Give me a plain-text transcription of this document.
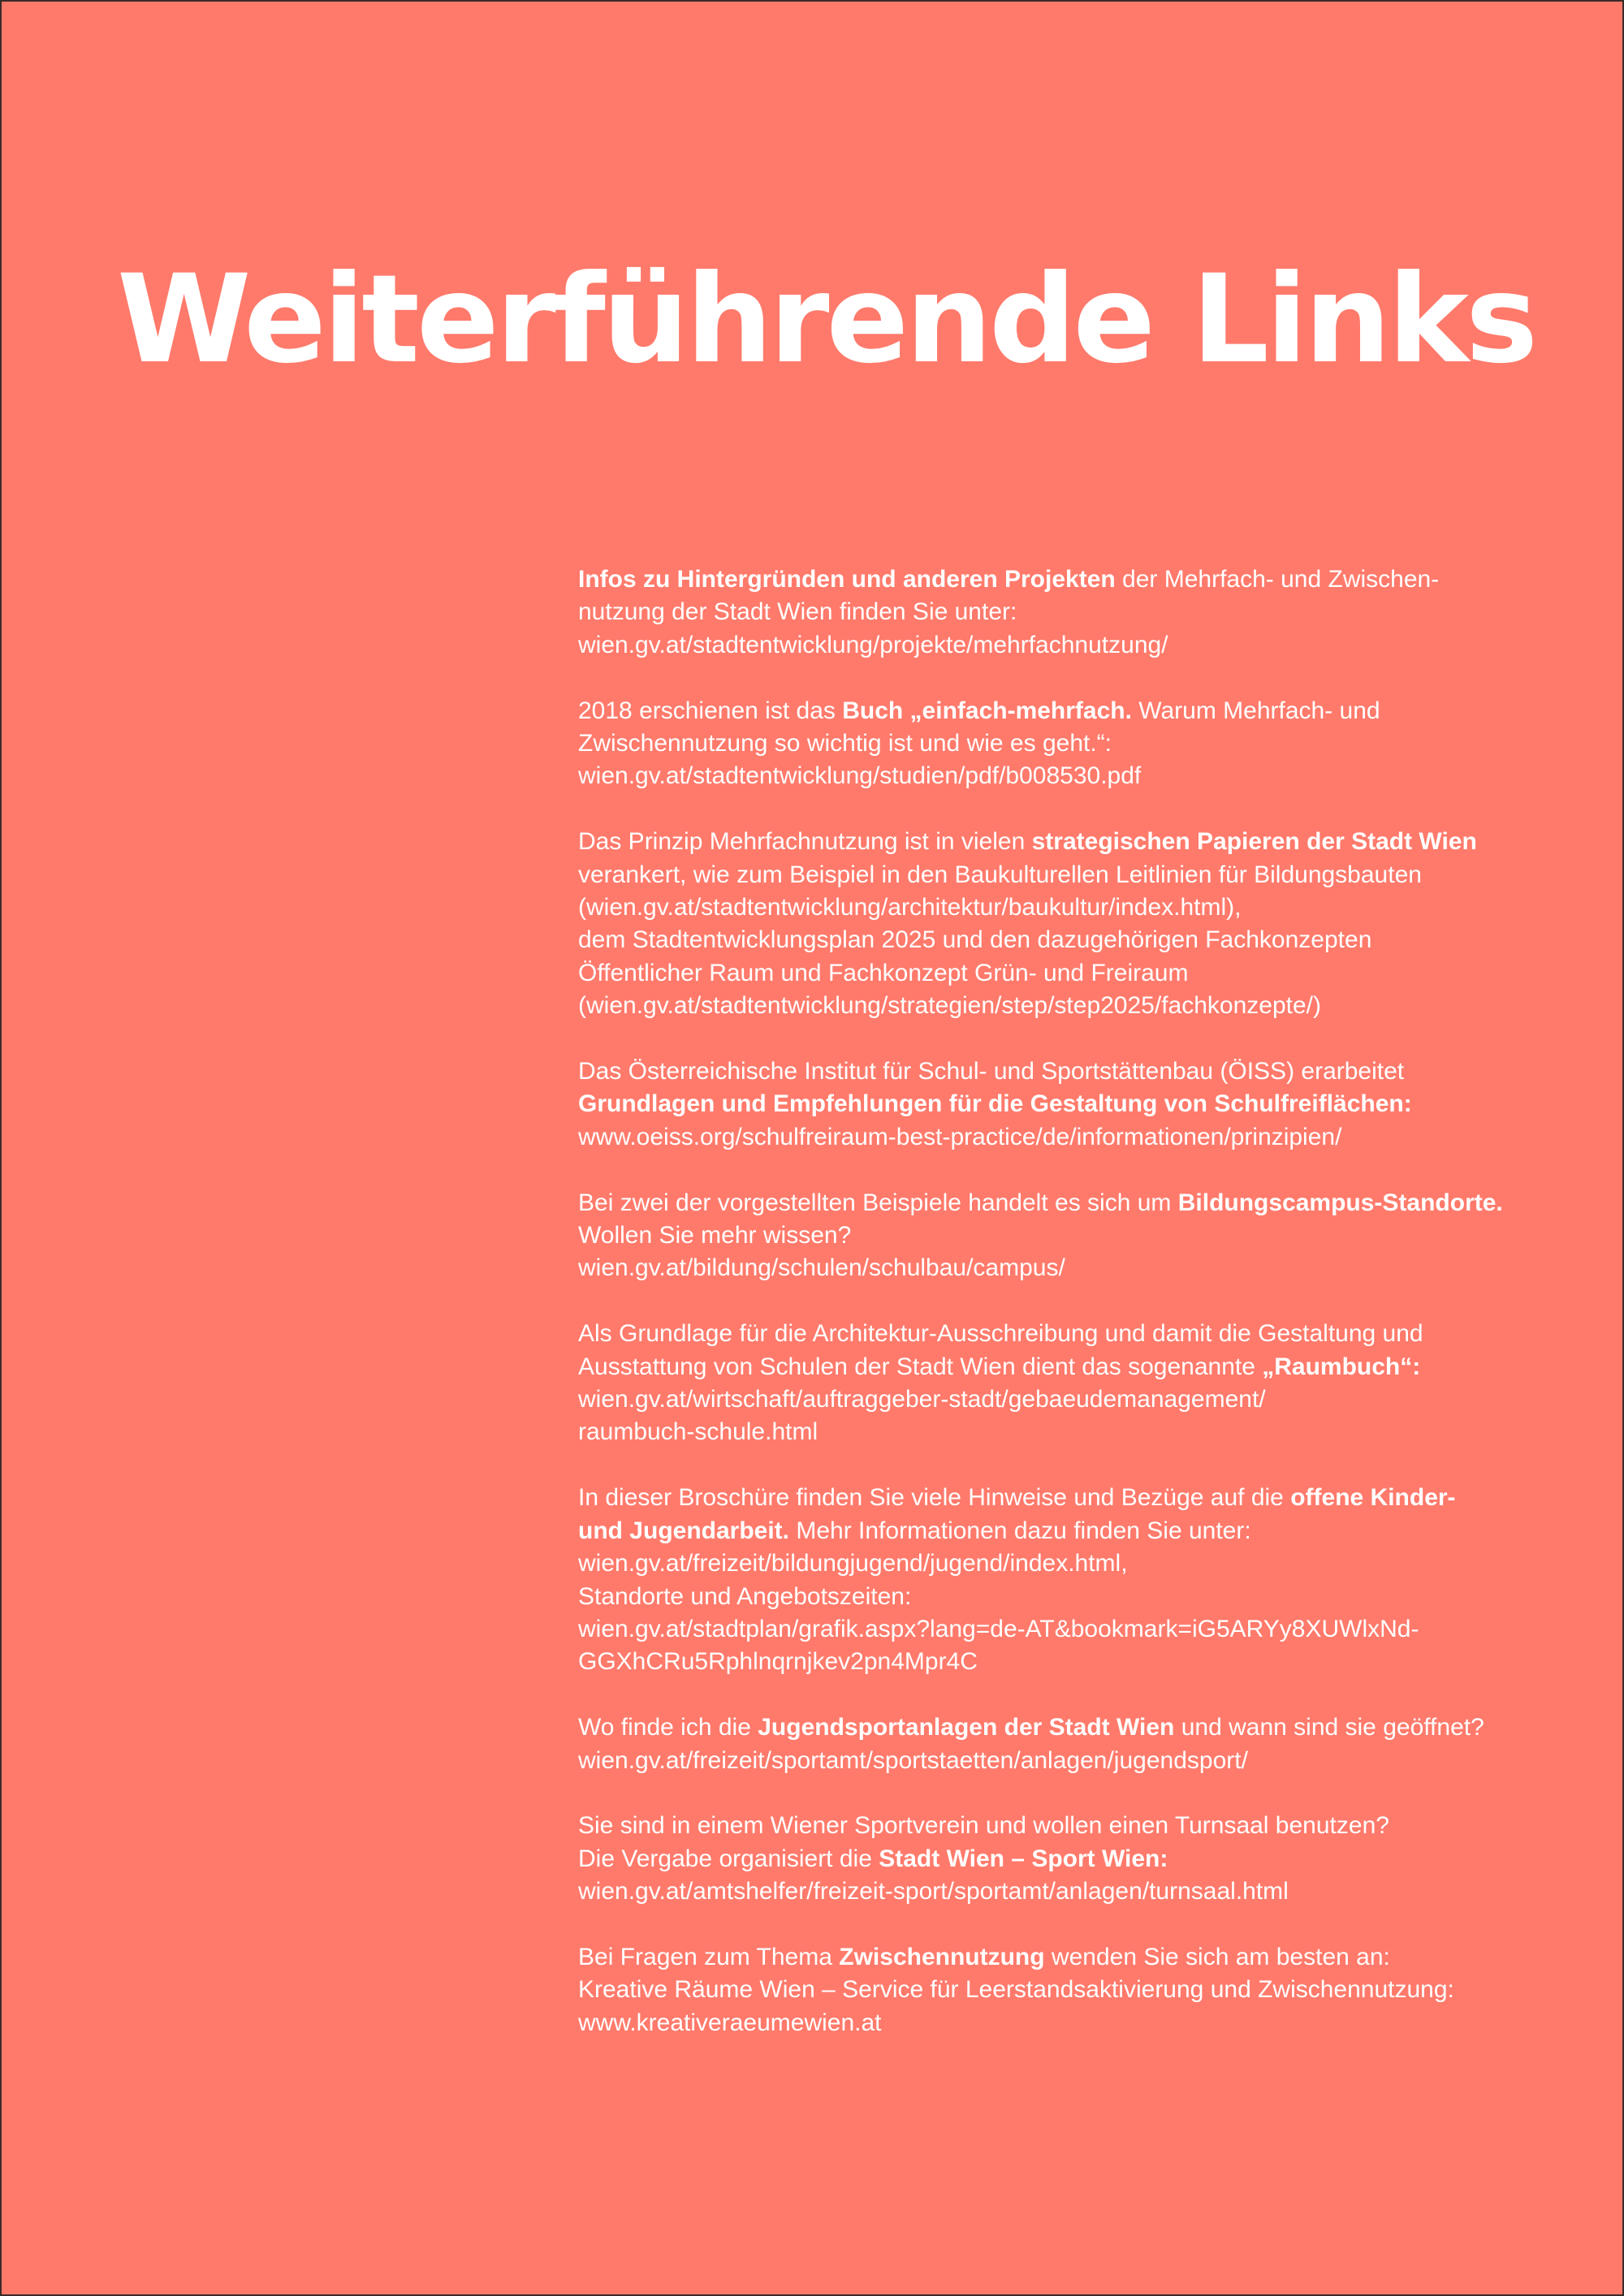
Weiterführende Links
Infos zu Hintergründen und anderen Projekten der Mehrfach- und Zwischen-
nutzung der Stadt Wien finden Sie unter:
wien.gv.at/stadtentwicklung/projekte/mehrfachnutzung/
2018 erschienen ist das Buch „einfach-mehrfach. Warum Mehrfach- und
Zwischennutzung so wichtig ist und wie es geht.“:
wien.gv.at/stadtentwicklung/studien/pdf/b008530.pdf
Das Prinzip Mehrfachnutzung ist in vielen strategischen Papieren der Stadt Wien
verankert, wie zum Beispiel in den Baukulturellen Leitlinien für Bildungsbauten
(wien.gv.at/stadtentwicklung/architektur/baukultur/index.html),
dem Stadtentwicklungsplan 2025 und den dazugehörigen Fachkonzepten
Öffentlicher Raum und Fachkonzept Grün- und Freiraum
(wien.gv.at/stadtentwicklung/strategien/step/step2025/fachkonzepte/)
Das Österreichische Institut für Schul- und Sportstättenbau (ÖISS) erarbeitet
Grundlagen und Empfehlungen für die Gestaltung von Schulfreiflächen:
www.oeiss.org/schulfreiraum-best-practice/de/informationen/prinzipien/
Bei zwei der vorgestellten Beispiele handelt es sich um Bildungscampus-Standorte.
Wollen Sie mehr wissen?
wien.gv.at/bildung/schulen/schulbau/campus/
Als Grundlage für die Architektur-Ausschreibung und damit die Gestaltung und
Ausstattung von Schulen der Stadt Wien dient das sogenannte „Raumbuch“:
wien.gv.at/wirtschaft/auftraggeber-stadt/gebaeudemanagement/
raumbuch-schule.html
In dieser Broschüre finden Sie viele Hinweise und Bezüge auf die offene Kinder-
und Jugendarbeit. Mehr Informationen dazu finden Sie unter:
wien.gv.at/freizeit/bildungjugend/jugend/index.html,
Standorte und Angebotszeiten:
wien.gv.at/stadtplan/grafik.aspx?lang=de-AT&bookmark=iG5ARYy8XUWlxNd-
GGXhCRu5Rphlnqrnjkev2pn4Mpr4C
Wo finde ich die Jugendsportanlagen der Stadt Wien und wann sind sie geöffnet?
wien.gv.at/freizeit/sportamt/sportstaetten/anlagen/jugendsport/
Sie sind in einem Wiener Sportverein und wollen einen Turnsaal benutzen?
Die Vergabe organisiert die Stadt Wien – Sport Wien:
wien.gv.at/amtshelfer/freizeit-sport/sportamt/anlagen/turnsaal.html
Bei Fragen zum Thema Zwischennutzung wenden Sie sich am besten an:
Kreative Räume Wien – Service für Leerstandsaktivierung und Zwischennutzung:
www.kreativeraeumewien.at
